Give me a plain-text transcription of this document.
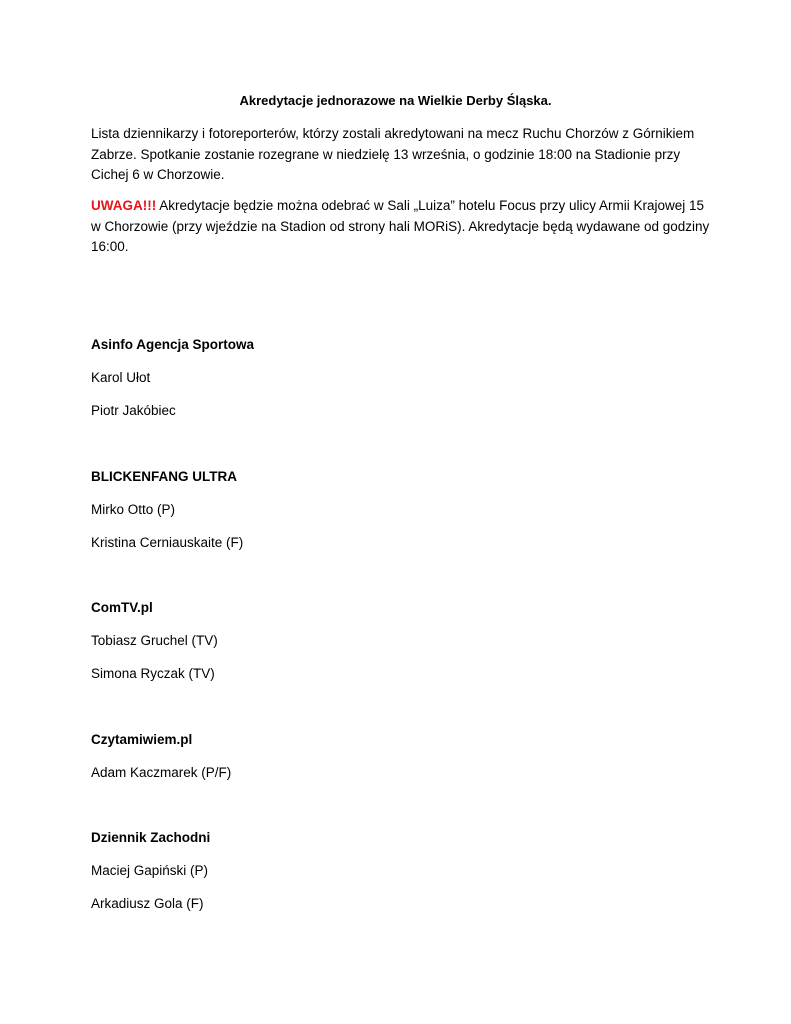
Akredytacje jednorazowe na Wielkie Derby Śląska.
Lista dziennikarzy i fotoreporterów, którzy zostali akredytowani na mecz Ruchu Chorzów z Górnikiem Zabrze. Spotkanie zostanie rozegrane w niedzielę 13 września, o godzinie 18:00 na Stadionie przy Cichej 6 w Chorzowie.
UWAGA!!! Akredytacje będzie można odebrać w Sali „Luiza” hotelu Focus przy ulicy Armii Krajowej 15 w Chorzowie (przy wjeździe na Stadion od strony hali MORiS). Akredytacje będą wydawane od godziny 16:00.
Asinfo Agencja Sportowa
Karol Ułot
Piotr Jakóbiec
BLICKENFANG ULTRA
Mirko Otto (P)
Kristina Cerniauskaite (F)
ComTV.pl
Tobiasz Gruchel (TV)
Simona Ryczak (TV)
Czytamiwiem.pl
Adam Kaczmarek (P/F)
Dziennik Zachodni
Maciej Gapiński (P)
Arkadiusz Gola (F)
